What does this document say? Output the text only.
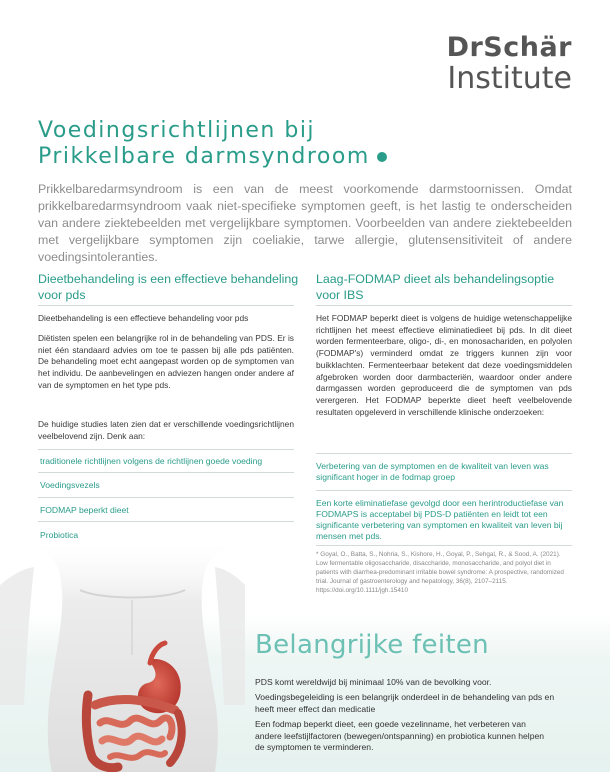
DrSchär
Institute
Voedingsrichtlijnen bij
Prikkelbare darmsyndroom

Prikkelbaredarmsyndroom is een van de meest voorkomende darmstoornissen. Omdat prikkelbaredarmsyndroom vaak niet-specifieke symptomen geeft, is het lastig te onderscheiden van andere ziektebeelden met vergelijkbare symptomen. Voorbeelden van andere ziektebeelden met vergelijkbare symptomen zijn coeliakie, tarwe allergie, glutensensitiviteit of andere voedingsintoleranties.

Dieetbehandeling is een effectieve behandeling voor pds

Dieetbehandeling is een effectieve behandeling voor pds

Diëtisten spelen een belangrijke rol in de behandeling van PDS. Er is niet één standaard advies om toe te passen bij alle pds patiënten. De behandeling moet echt aangepast worden op de symptomen van het individu. De aanbevelingen en adviezen hangen onder andere af van de symptomen en het type pds.

De huidige studies laten zien dat er verschillende voedingsrichtlijnen veelbelovend zijn. Denk aan:

traditionele richtlijnen volgens de richtlijnen goede voeding
Voedingsvezels
FODMAP beperkt dieet
Probiotica
Laag-FODMAP dieet als behandelingsoptie voor IBS

Het FODMAP beperkt dieet is volgens de huidige wetenschappelijke richtlijnen het meest effectieve eliminatiedieet bij pds. In dit dieet worden fermenteerbare, oligo-, di-, en monosachariden, en polyolen (FODMAP's) verminderd omdat ze triggers kunnen zijn voor buikklachten. Fermenteerbaar betekent dat deze voedingsmiddelen afgebroken worden door darmbacteriën, waardoor onder andere darmgassen worden geproduceerd die de symptomen van pds verergeren. Het FODMAP beperkte dieet heeft veelbelovende resultaten opgeleverd in verschillende klinische onderzoeken:

Verbetering van de symptomen en de kwaliteit van leven was significant hoger in de fodmap groep
Een korte eliminatiefase gevolgd door een herintroductiefase van FODMAPS is acceptabel bij PDS-D patiënten en leidt tot een significante verbetering van symptomen en kwaliteit van leven bij mensen met pds.

* Goyal, O., Batta, S., Nohria, S., Kishore, H., Goyal, P., Sehgal, R., & Sood, A. (2021). Low fermentable oligosaccharide, disaccharide, monosaccharide, and polyol diet in patients with diarrhea-predominant irritable bowel syndrome: A prospective, randomized trial. Journal of gastroenterology and hepatology, 36(8), 2107–2115. https://doi.org/10.1111/jgh.15410

Belangrijke feiten

PDS komt wereldwijd bij minimaal 10% van de bevolking voor.

Voedingsbegeleiding is een belangrijk onderdeel in de behandeling van pds en heeft meer effect dan medicatie

Een fodmap beperkt dieet, een goede vezelinname, het verbeteren van andere leefstijlfactoren (bewegen/ontspanning) en probiotica kunnen helpen de symptomen te verminderen.
